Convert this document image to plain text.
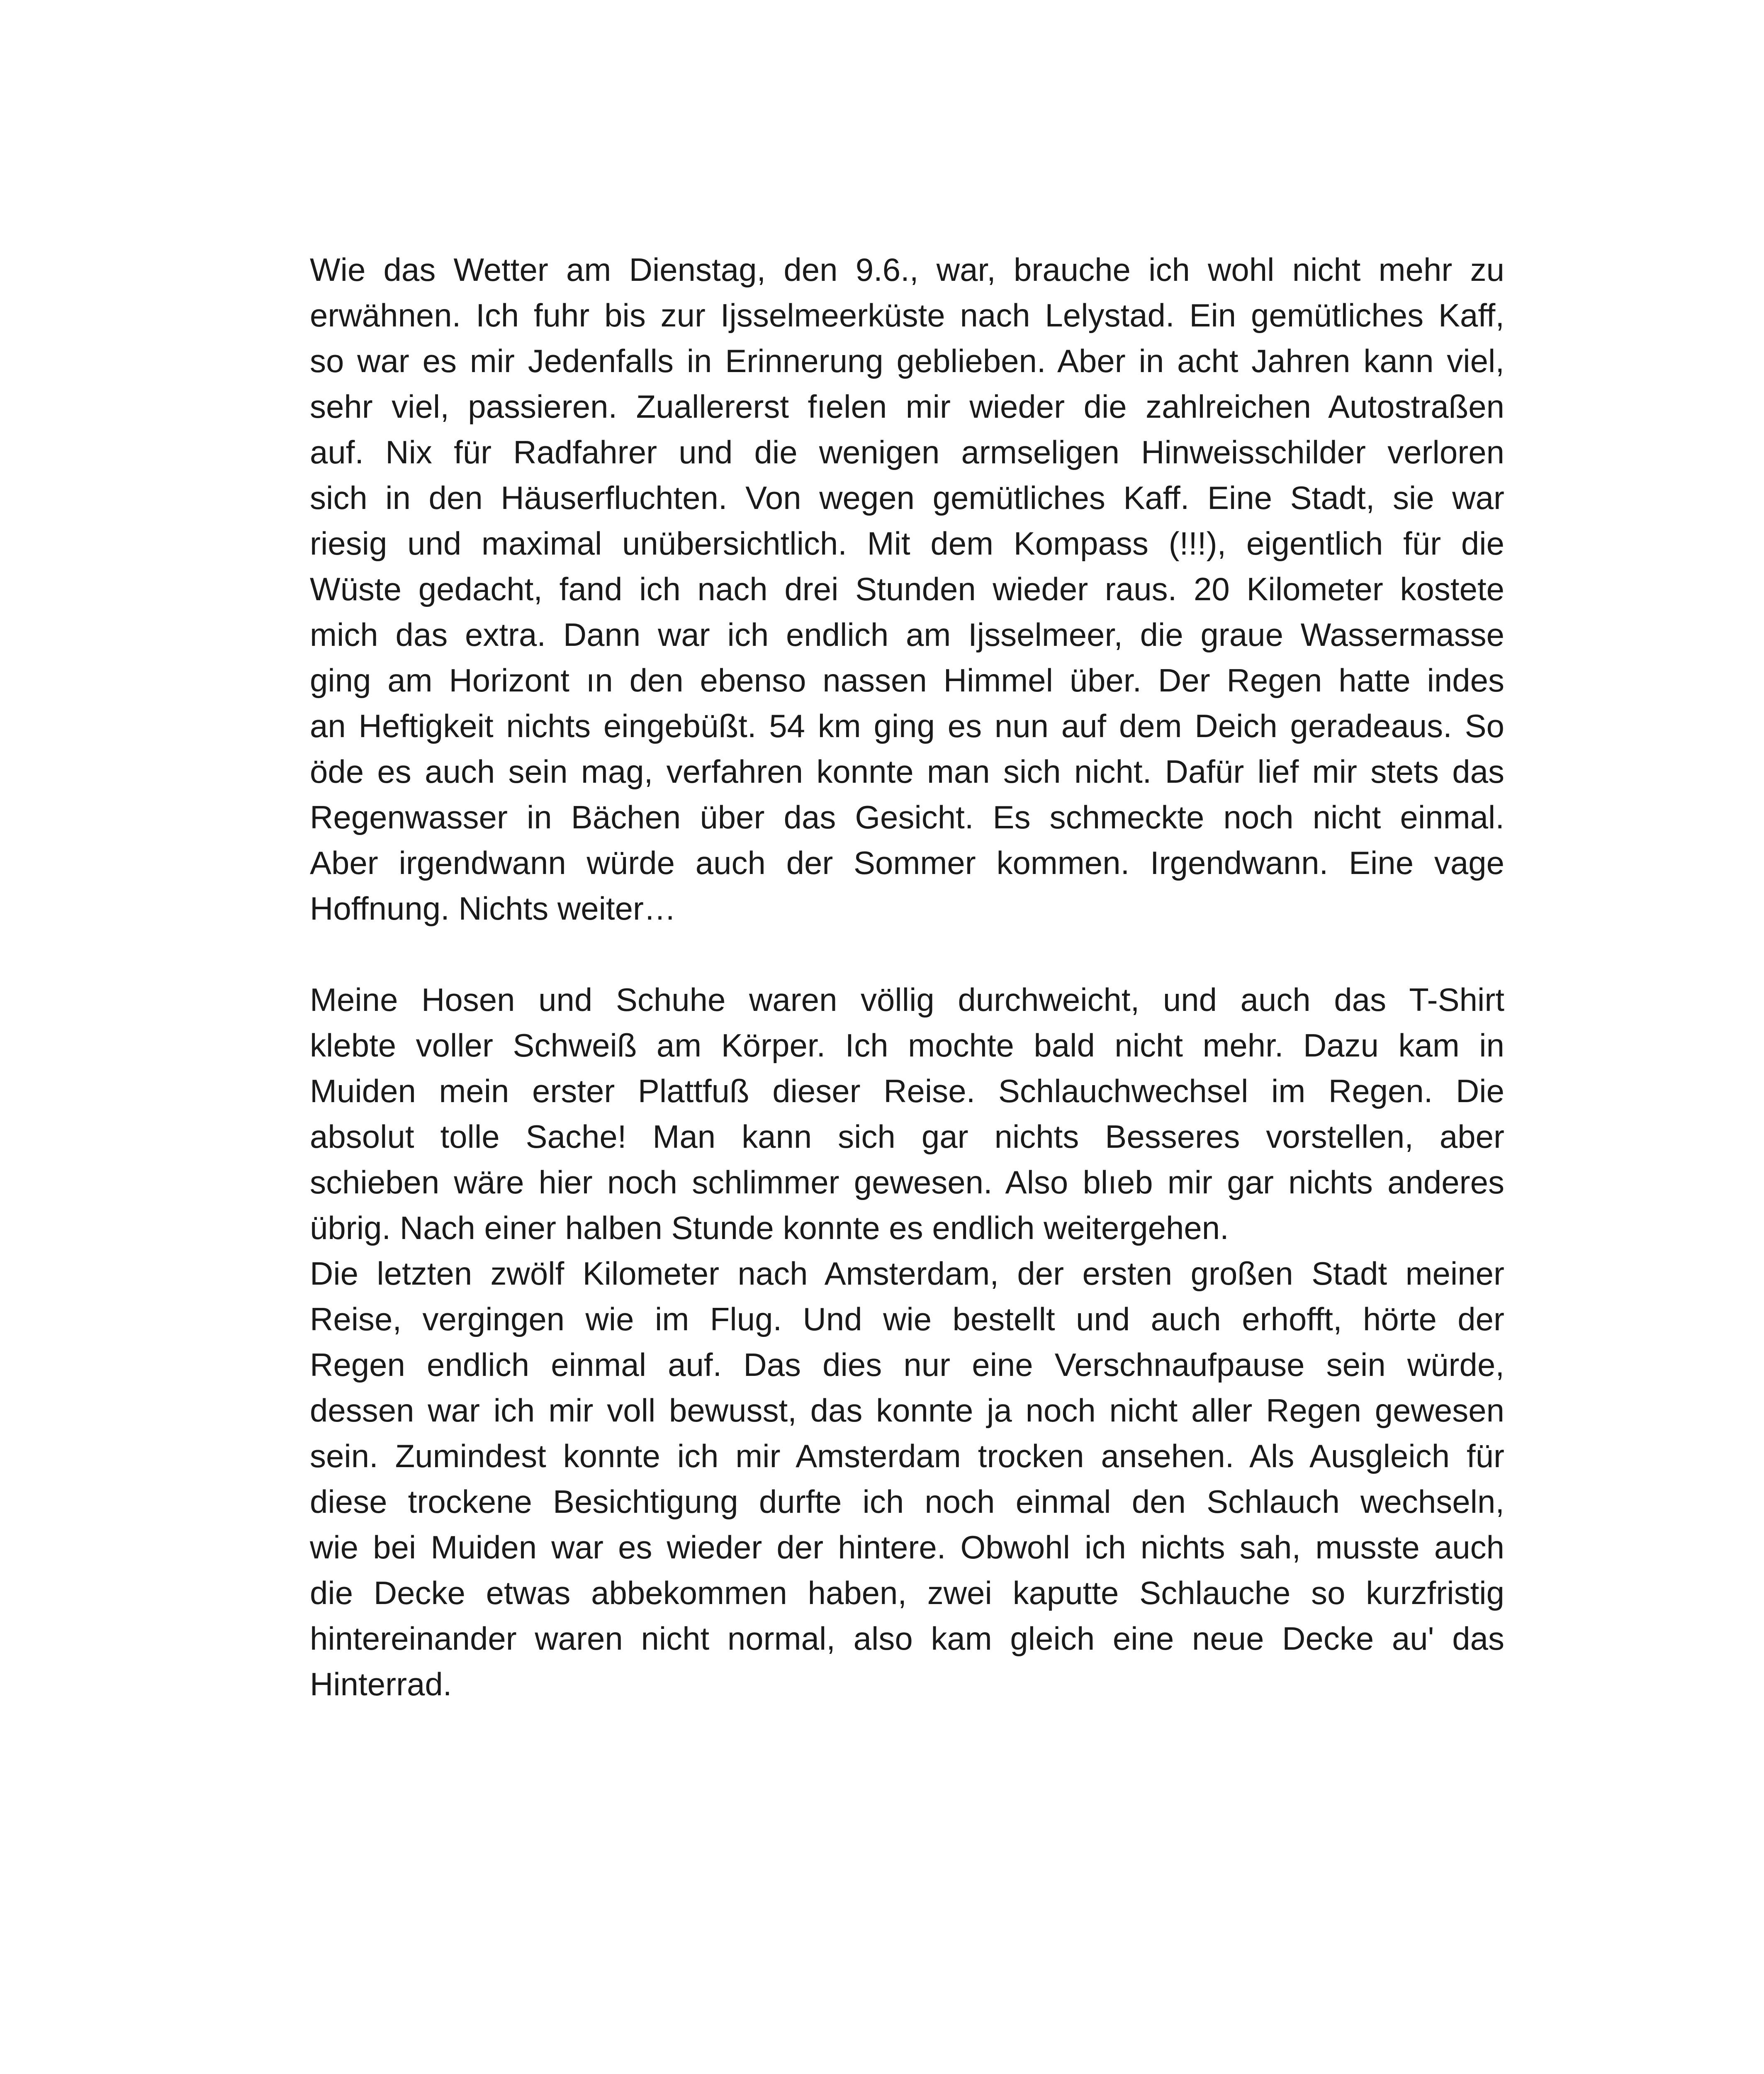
Wie das Wetter am Dienstag, den 9.6., war, brauche ich wohl nicht mehr zu
erwähnen. Ich fuhr bis zur Ijsselmeerküste nach Lelystad. Ein gemütliches Kaff,
so war es mir Jedenfalls in Erinnerung geblieben. Aber in acht Jahren kann viel,
sehr viel, passieren. Zuallererst fıelen mir wieder die zahlreichen Autostraßen
auf. Nix für Radfahrer und die wenigen armseligen Hinweisschilder verloren
sich in den Häuserfluchten. Von wegen gemütliches Kaff. Eine Stadt, sie war
riesig und maximal unübersichtlich. Mit dem Kompass (!!!), eigentlich für die
Wüste gedacht, fand ich nach drei Stunden wieder raus. 20 Kilometer kostete
mich das extra. Dann war ich endlich am Ijsselmeer, die graue Wassermasse
ging am Horizont ın den ebenso nassen Himmel über. Der Regen hatte indes
an Heftigkeit nichts eingebüßt. 54 km ging es nun auf dem Deich geradeaus. So
öde es auch sein mag, verfahren konnte man sich nicht. Dafür lief mir stets das
Regenwasser in Bächen über das Gesicht. Es schmeckte noch nicht einmal.
Aber irgendwann würde auch der Sommer kommen. Irgendwann. Eine vage
Hoffnung. Nichts weiter…
Meine Hosen und Schuhe waren völlig durchweicht, und auch das T-Shirt
klebte voller Schweiß am Körper. Ich mochte bald nicht mehr. Dazu kam in
Muiden mein erster Plattfuß dieser Reise. Schlauchwechsel im Regen. Die
absolut tolle Sache! Man kann sich gar nichts Besseres vorstellen, aber
schieben wäre hier noch schlimmer gewesen. Also blıeb mir gar nichts anderes
übrig. Nach einer halben Stunde konnte es endlich weitergehen.
Die letzten zwölf Kilometer nach Amsterdam, der ersten großen Stadt meiner
Reise, vergingen wie im Flug. Und wie bestellt und auch erhofft, hörte der
Regen endlich einmal auf. Das dies nur eine Verschnaufpause sein würde,
dessen war ich mir voll bewusst, das konnte ja noch nicht aller Regen gewesen
sein. Zumindest konnte ich mir Amsterdam trocken ansehen. Als Ausgleich für
diese trockene Besichtigung durfte ich noch einmal den Schlauch wechseln,
wie bei Muiden war es wieder der hintere. Obwohl ich nichts sah, musste auch
die Decke etwas abbekommen haben, zwei kaputte Schlauche so kurzfristig
hintereinander waren nicht normal, also kam gleich eine neue Decke au' das
Hinterrad.
